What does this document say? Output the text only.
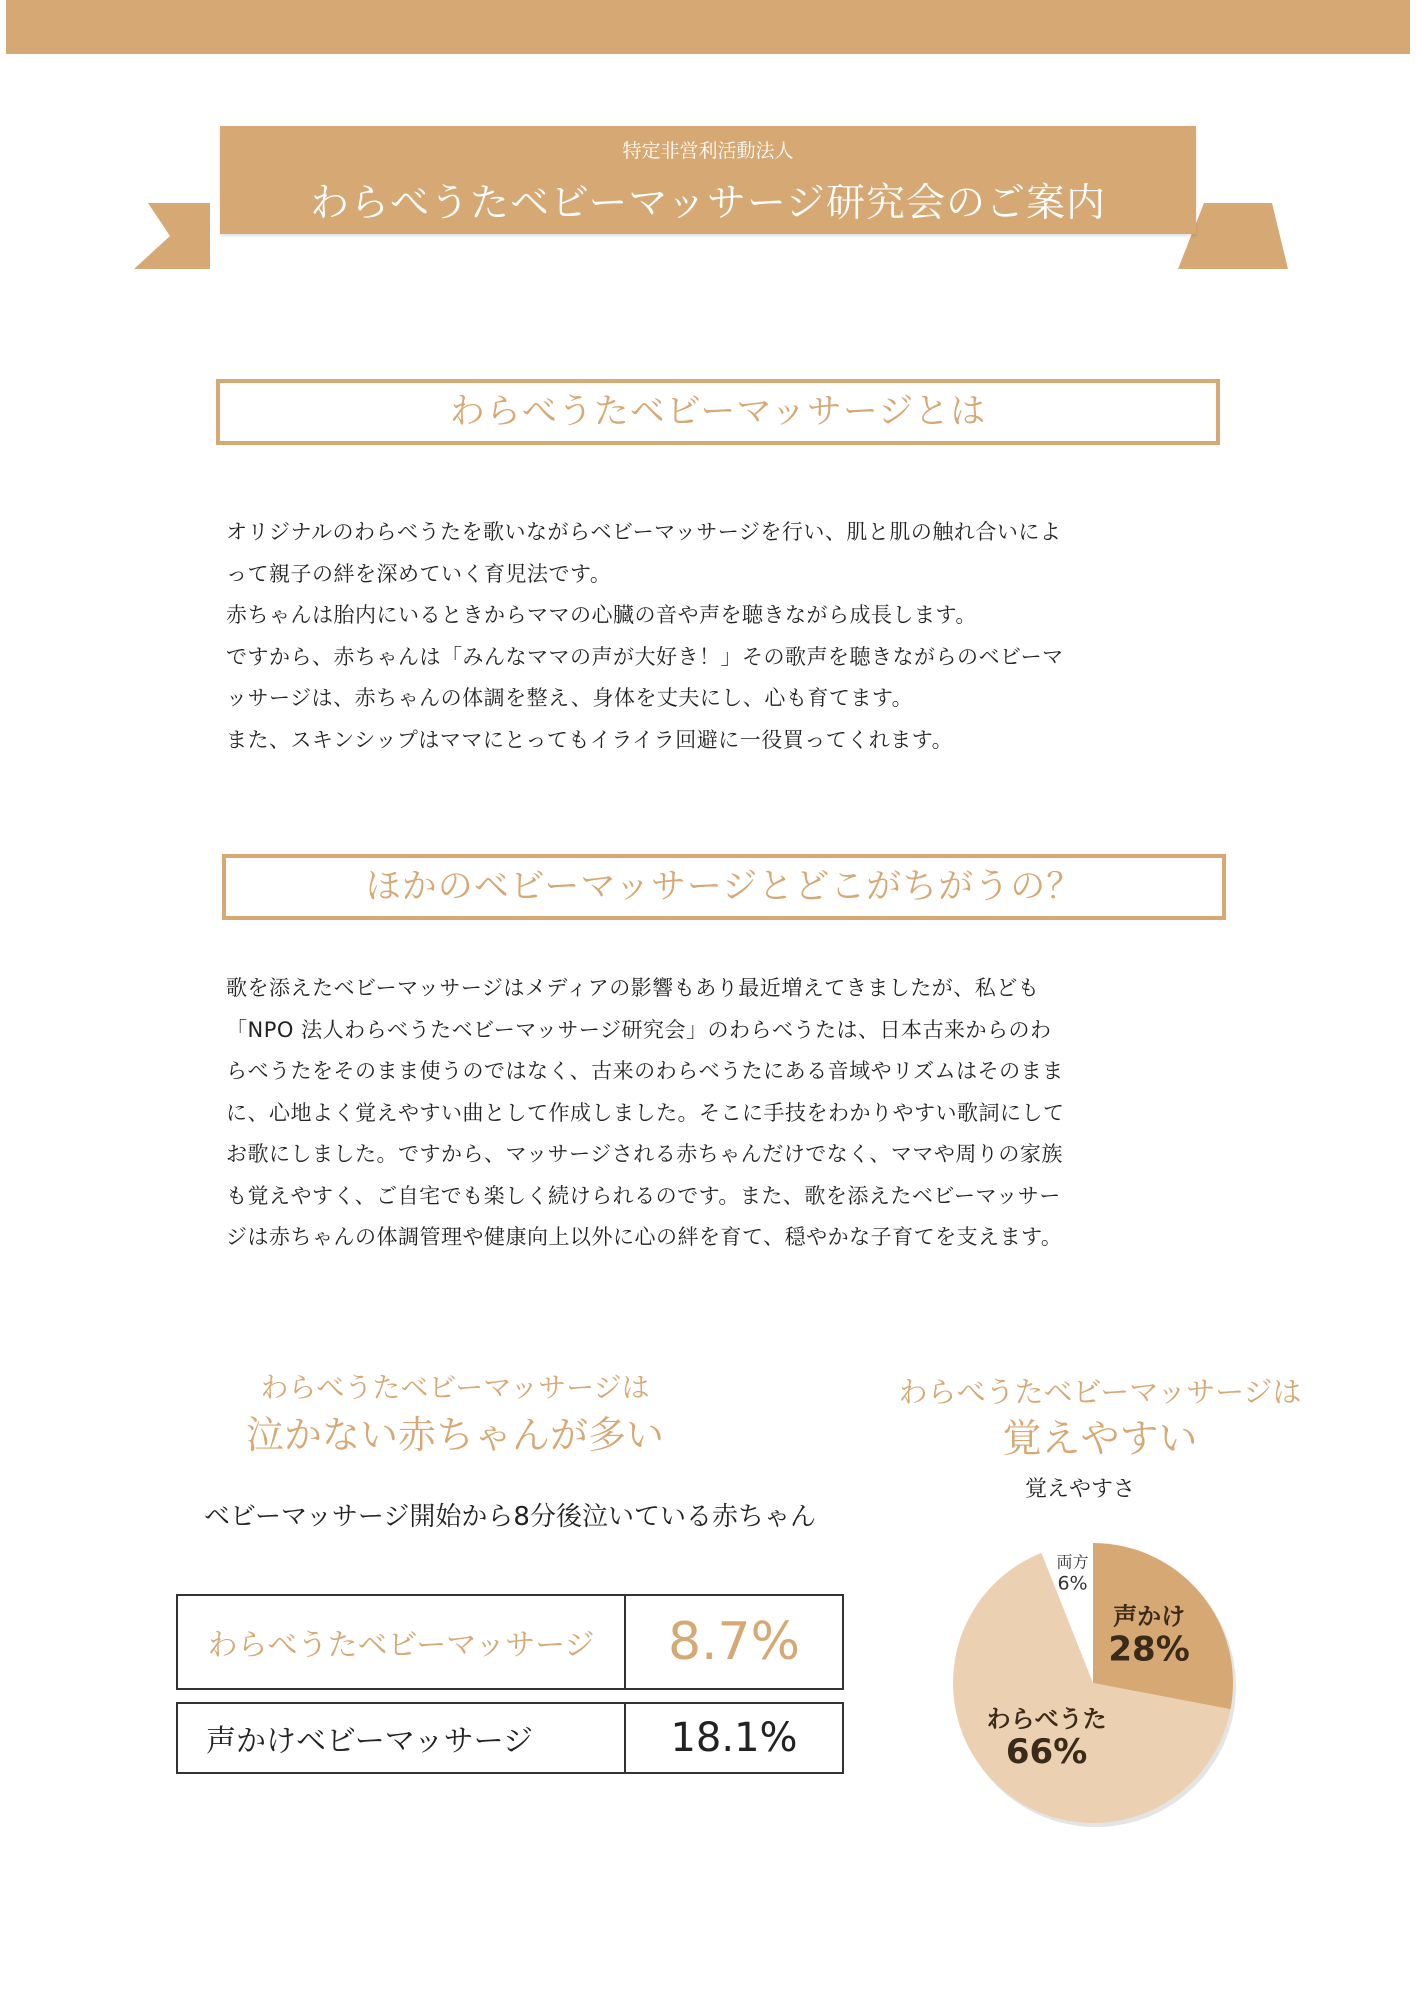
特定非営利活動法人
わらべうたベビーマッサージ研究会のご案内
わらべうたベビーマッサージとは
オリジナルのわらべうたを歌いながらベビーマッサージを行い、肌と肌の触れ合いによ
って親子の絆を深めていく育児法です。
赤ちゃんは胎内にいるときからママの心臓の音や声を聴きながら成長します。
ですから、赤ちゃんは「みんなママの声が大好き！」その歌声を聴きながらのベビーマ
ッサージは、赤ちゃんの体調を整え、身体を丈夫にし、心も育てます。
また、スキンシップはママにとってもイライラ回避に一役買ってくれます。
ほかのベビーマッサージとどこがちがうの？
歌を添えたベビーマッサージはメディアの影響もあり最近増えてきましたが、私ども
「NPO 法人わらべうたベビーマッサージ研究会」のわらべうたは、日本古来からのわ
らべうたをそのまま使うのではなく、古来のわらべうたにある音域やリズムはそのまま
に、心地よく覚えやすい曲として作成しました。そこに手技をわかりやすい歌詞にして
お歌にしました。ですから、マッサージされる赤ちゃんだけでなく、ママや周りの家族
も覚えやすく、ご自宅でも楽しく続けられるのです。また、歌を添えたベビーマッサー
ジは赤ちゃんの体調管理や健康向上以外に心の絆を育て、穏やかな子育てを支えます。
わらべうたベビーマッサージは
泣かない赤ちゃんが多い
ベビーマッサージ開始から8分後泣いている赤ちゃん
わらべうたベビーマッサージ	8.7%
声かけベビーマッサージ	18.1%
わらべうたベビーマッサージは
覚えやすい
覚えやすさ
声かけ
28%
わらべうた
66%
両方
6%
